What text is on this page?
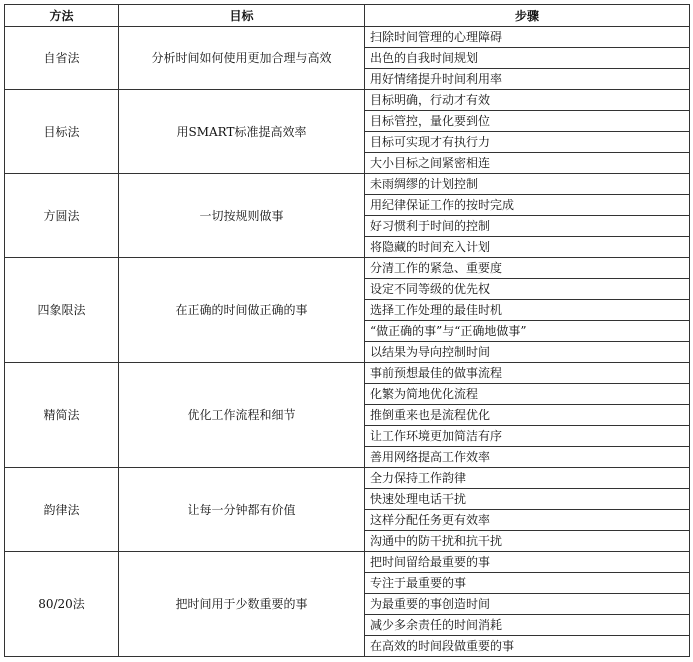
方法	目标	步骤
自省法	分析时间如何使用更加合理与高效	扫除时间管理的心理障碍
		出色的自我时间规划
		用好情绪提升时间利用率
目标法	用SMART标准提高效率	目标明确，行动才有效
		目标管控，量化要到位
		目标可实现才有执行力
		大小目标之间紧密相连
方圆法	一切按规则做事	未雨绸缪的计划控制
		用纪律保证工作的按时完成
		好习惯利于时间的控制
		将隐藏的时间充入计划
四象限法	在正确的时间做正确的事	分清工作的紧急、重要度
		设定不同等级的优先权
		选择工作处理的最佳时机
		“做正确的事”与“正确地做事”
		以结果为导向控制时间
精简法	优化工作流程和细节	事前预想最佳的做事流程
		化繁为简地优化流程
		推倒重来也是流程优化
		让工作环境更加简洁有序
		善用网络提高工作效率
韵律法	让每一分钟都有价值	全力保持工作韵律
		快速处理电话干扰
		这样分配任务更有效率
		沟通中的防干扰和抗干扰
80/20法	把时间用于少数重要的事	把时间留给最重要的事
		专注于最重要的事
		为最重要的事创造时间
		减少多余责任的时间消耗
		在高效的时间段做重要的事
